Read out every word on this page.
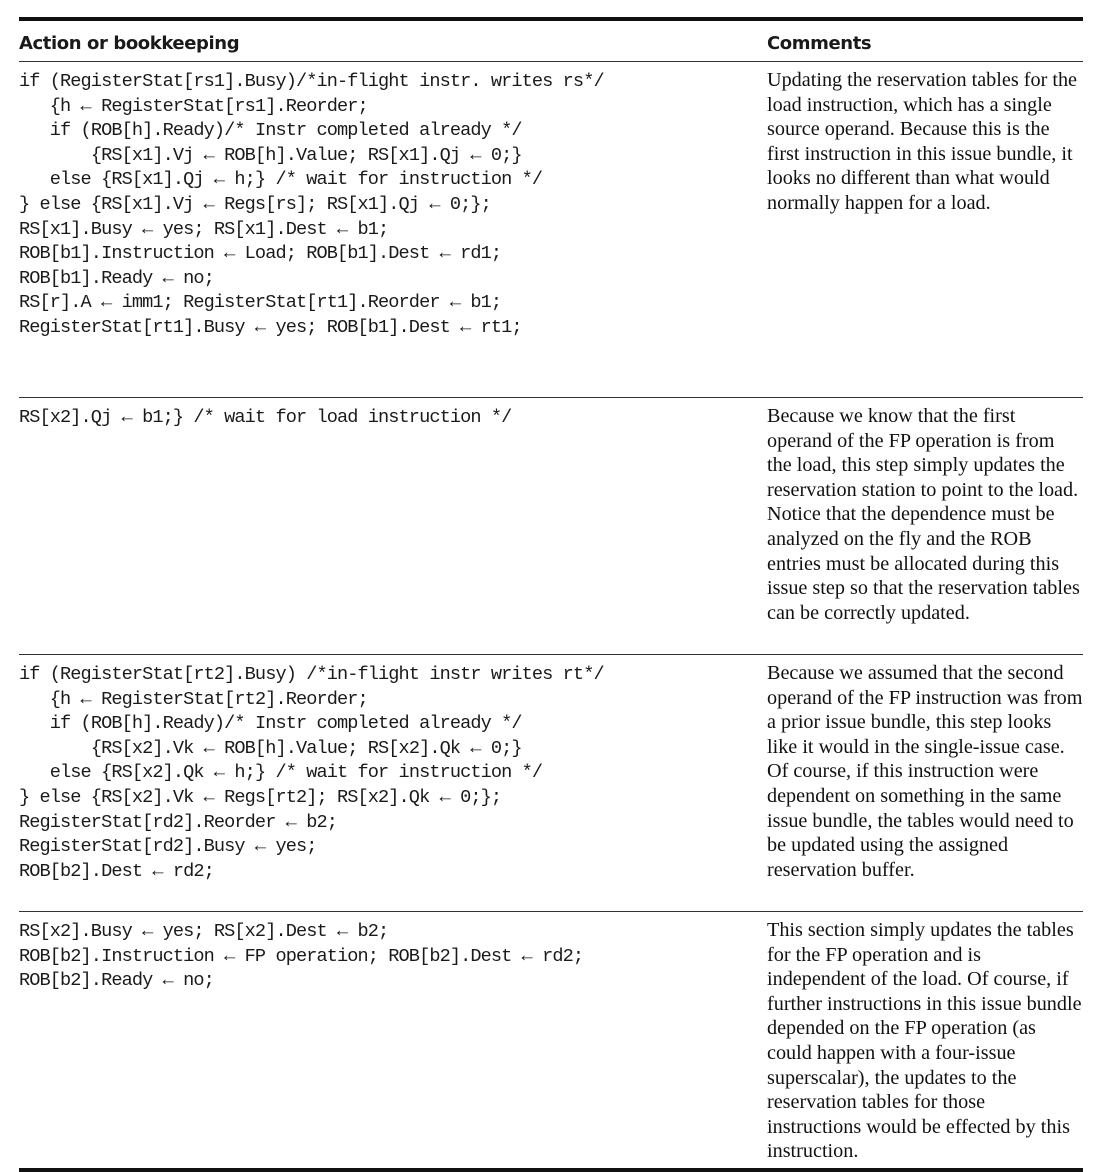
Action or bookkeeping	Comments
if (RegisterStat[rs1].Busy)/*in-flight instr. writes rs*/
{h ← RegisterStat[rs1].Reorder;
if (ROB[h].Ready)/* Instr completed already */
{RS[x1].Vj ← ROB[h].Value; RS[x1].Qj ← 0;}
else {RS[x1].Qj ← h;} /* wait for instruction */
} else {RS[x1].Vj ← Regs[rs]; RS[x1].Qj ← 0;};
RS[x1].Busy ← yes; RS[x1].Dest ← b1;
ROB[b1].Instruction ← Load; ROB[b1].Dest ← rd1;
ROB[b1].Ready ← no;
RS[r].A ← imm1; RegisterStat[rt1].Reorder ← b1;
RegisterStat[rt1].Busy ← yes; ROB[b1].Dest ← rt1;
Updating the reservation tables for the load instruction, which has a single source operand. Because this is the first instruction in this issue bundle, it looks no different than what would normally happen for a load.
RS[x2].Qj ← b1;} /* wait for load instruction */	Because we know that the first operand of the FP operation is from the load, this step simply updates the reservation station to point to the load. Notice that the dependence must be analyzed on the fly and the ROB entries must be allocated during this issue step so that the reservation tables can be correctly updated.
if (RegisterStat[rt2].Busy) /*in-flight instr writes rt*/
{h ← RegisterStat[rt2].Reorder;
if (ROB[h].Ready)/* Instr completed already */
{RS[x2].Vk ← ROB[h].Value; RS[x2].Qk ← 0;}
else {RS[x2].Qk ← h;} /* wait for instruction */
} else {RS[x2].Vk ← Regs[rt2]; RS[x2].Qk ← 0;};
RegisterStat[rd2].Reorder ← b2;
RegisterStat[rd2].Busy ← yes;
ROB[b2].Dest ← rd2;
Because we assumed that the second operand of the FP instruction was from a prior issue bundle, this step looks like it would in the single-issue case. Of course, if this instruction were dependent on something in the same issue bundle, the tables would need to be updated using the assigned reservation buffer.
RS[x2].Busy ← yes; RS[x2].Dest ← b2;
ROB[b2].Instruction ← FP operation; ROB[b2].Dest ← rd2;
ROB[b2].Ready ← no;
This section simply updates the tables for the FP operation and is independent of the load. Of course, if further instructions in this issue bundle depended on the FP operation (as could happen with a four-issue superscalar), the updates to the reservation tables for those instructions would be effected by this instruction.
